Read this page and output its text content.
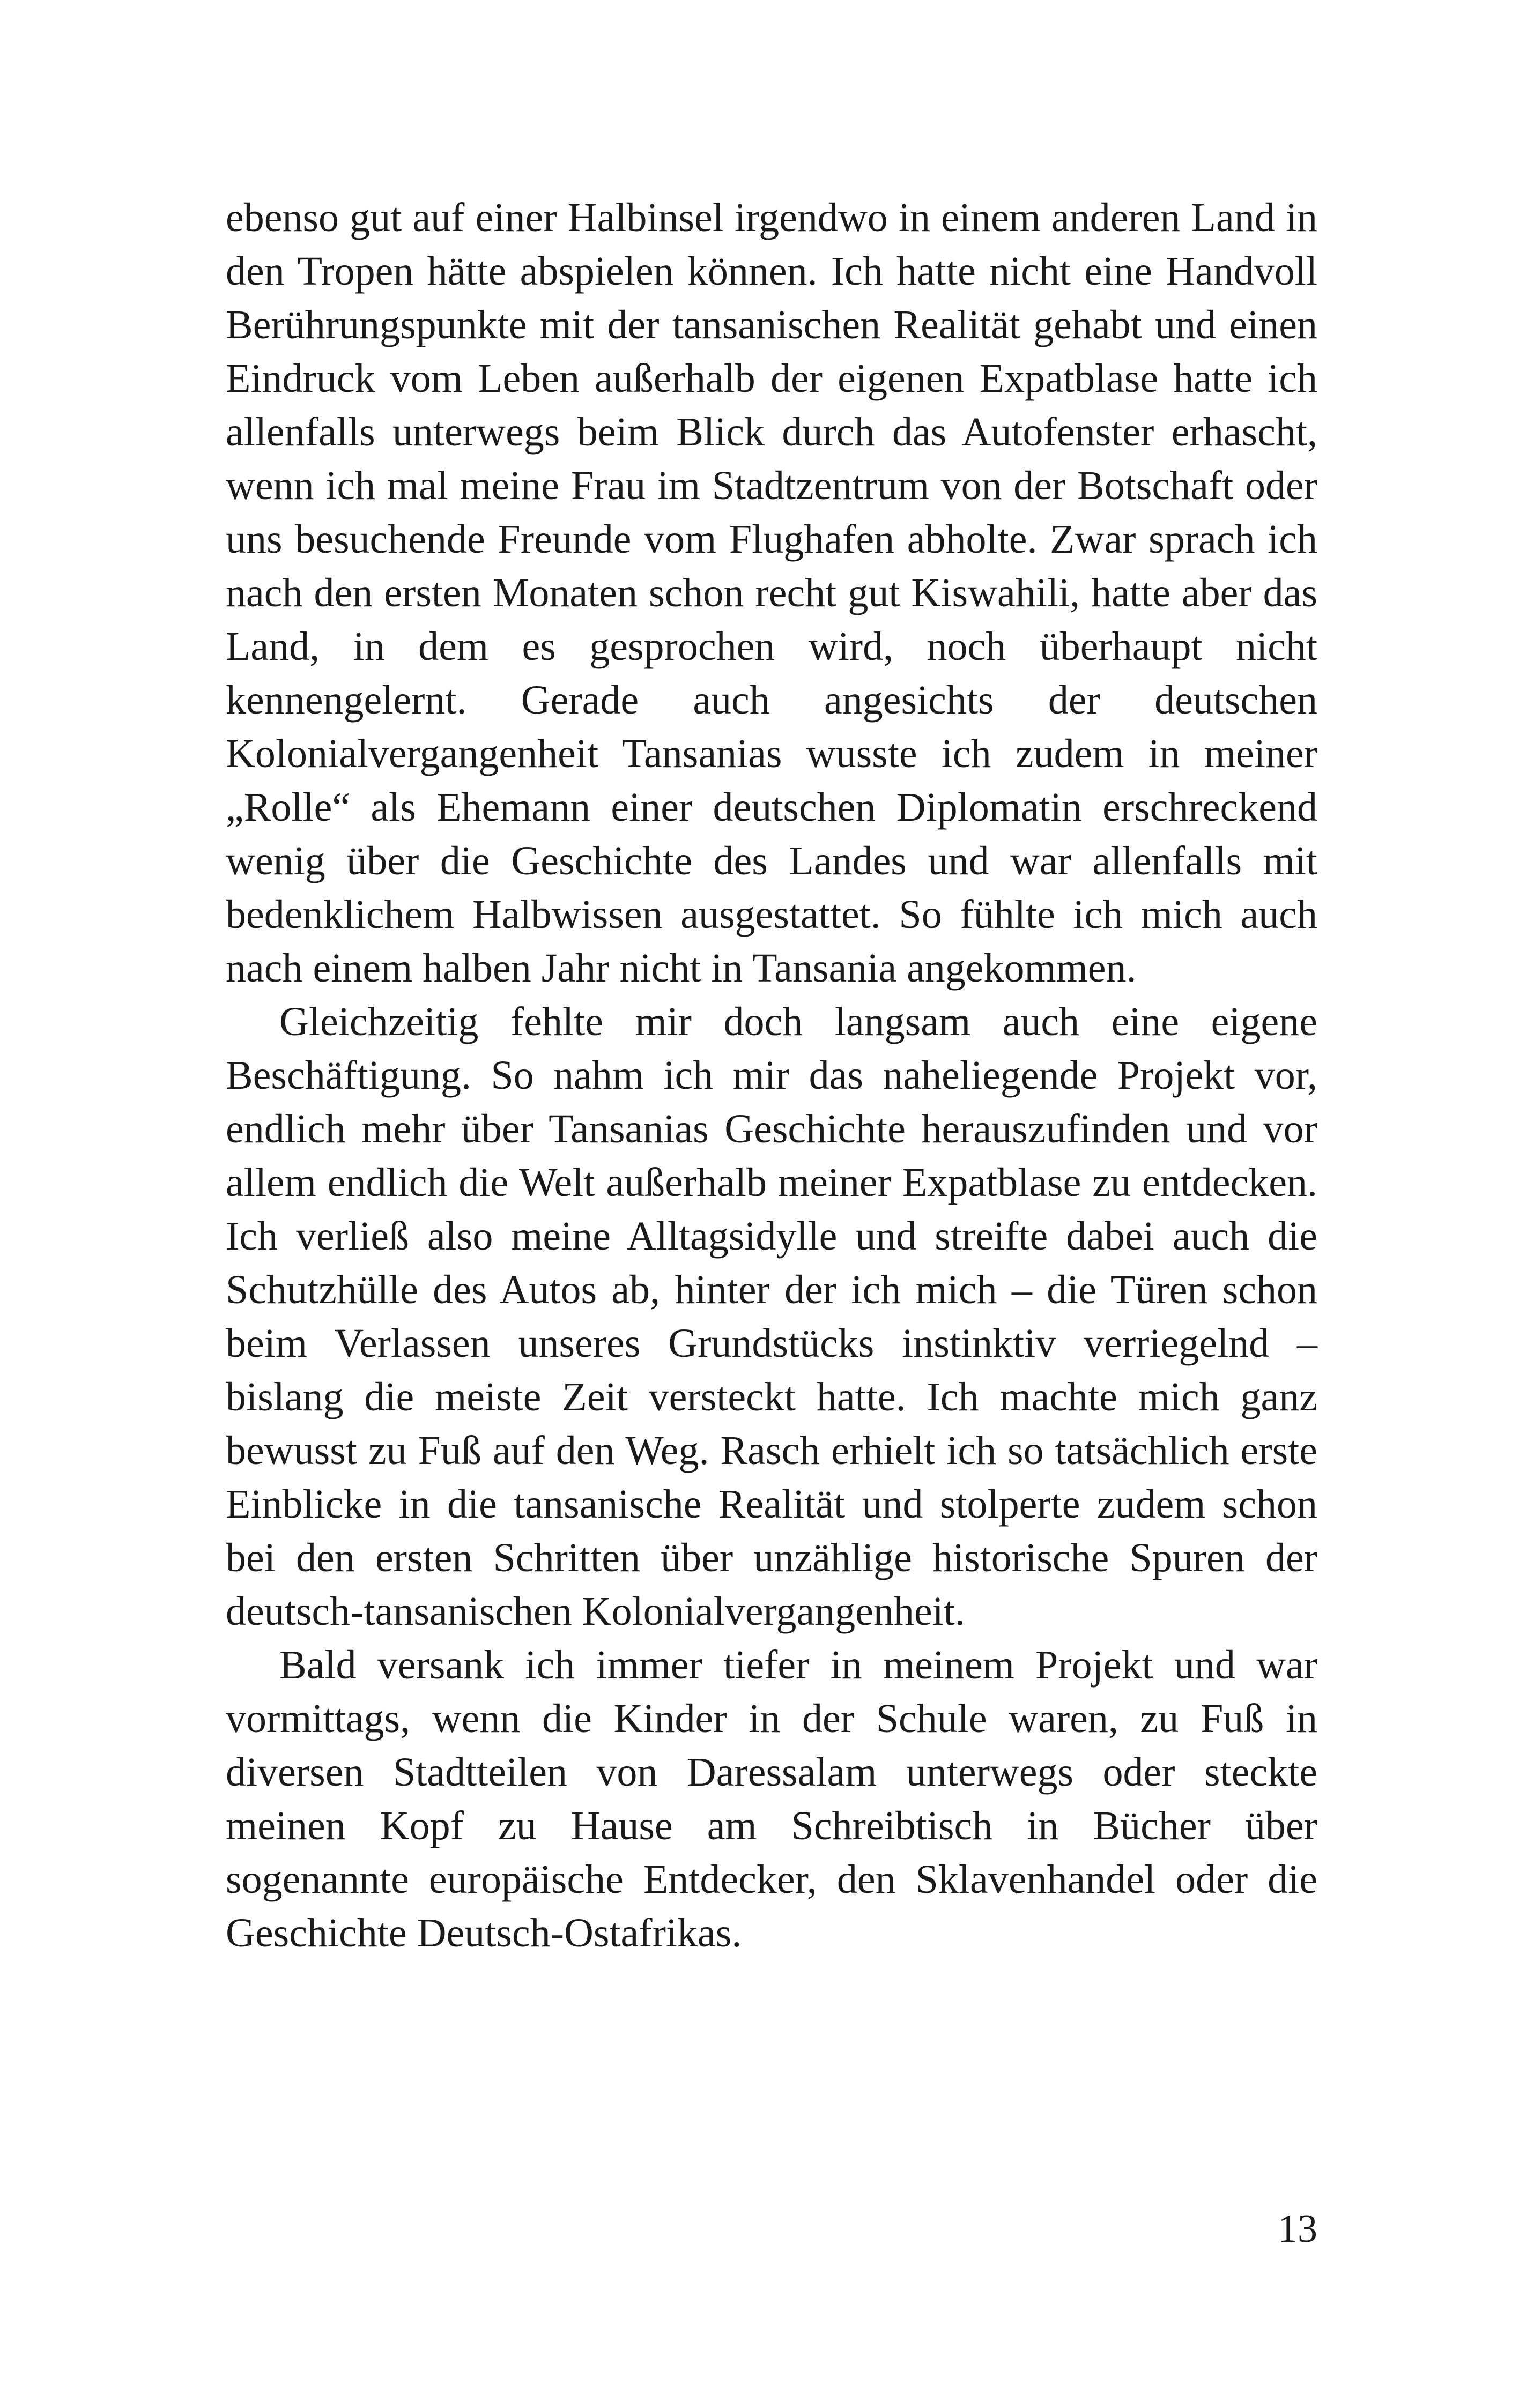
ebenso gut auf einer Halbinsel irgendwo in einem anderen Land in den Tropen hätte abspielen können. Ich hatte nicht eine Handvoll Berührungspunkte mit der tansanischen Realität gehabt und einen Eindruck vom Leben außerhalb der eigenen Expatblase hatte ich allenfalls unterwegs beim Blick durch das Autofenster erhascht, wenn ich mal meine Frau im Stadtzentrum von der Botschaft oder uns besuchende Freunde vom Flughafen abholte. Zwar sprach ich nach den ersten Monaten schon recht gut Kiswahili, hatte aber das Land, in dem es gesprochen wird, noch überhaupt nicht kennengelernt. Gerade auch angesichts der deutschen Kolonialvergangenheit Tansanias wusste ich zudem in meiner „Rolle“ als Ehemann einer deutschen Diplomatin erschreckend wenig über die Geschichte des Landes und war allenfalls mit bedenklichem Halbwissen ausgestattet. So fühlte ich mich auch nach einem halben Jahr nicht in Tansania angekommen.

Gleichzeitig fehlte mir doch langsam auch eine eigene Beschäftigung. So nahm ich mir das naheliegende Projekt vor, endlich mehr über Tansanias Geschichte herauszufinden und vor allem endlich die Welt außerhalb meiner Expatblase zu entdecken. Ich verließ also meine Alltagsidylle und streifte dabei auch die Schutzhülle des Autos ab, hinter der ich mich – die Türen schon beim Verlassen unseres Grundstücks instinktiv verriegelnd – bislang die meiste Zeit versteckt hatte. Ich machte mich ganz bewusst zu Fuß auf den Weg. Rasch erhielt ich so tatsächlich erste Einblicke in die tansanische Realität und stolperte zudem schon bei den ersten Schritten über unzählige historische Spuren der deutsch-tansanischen Kolonialvergangenheit.

Bald versank ich immer tiefer in meinem Projekt und war vormittags, wenn die Kinder in der Schule waren, zu Fuß in diversen Stadtteilen von Daressalam unterwegs oder steckte meinen Kopf zu Hause am Schreibtisch in Bücher über sogenannte europäische Entdecker, den Sklavenhandel oder die Geschichte Deutsch-Ostafrikas.

13
